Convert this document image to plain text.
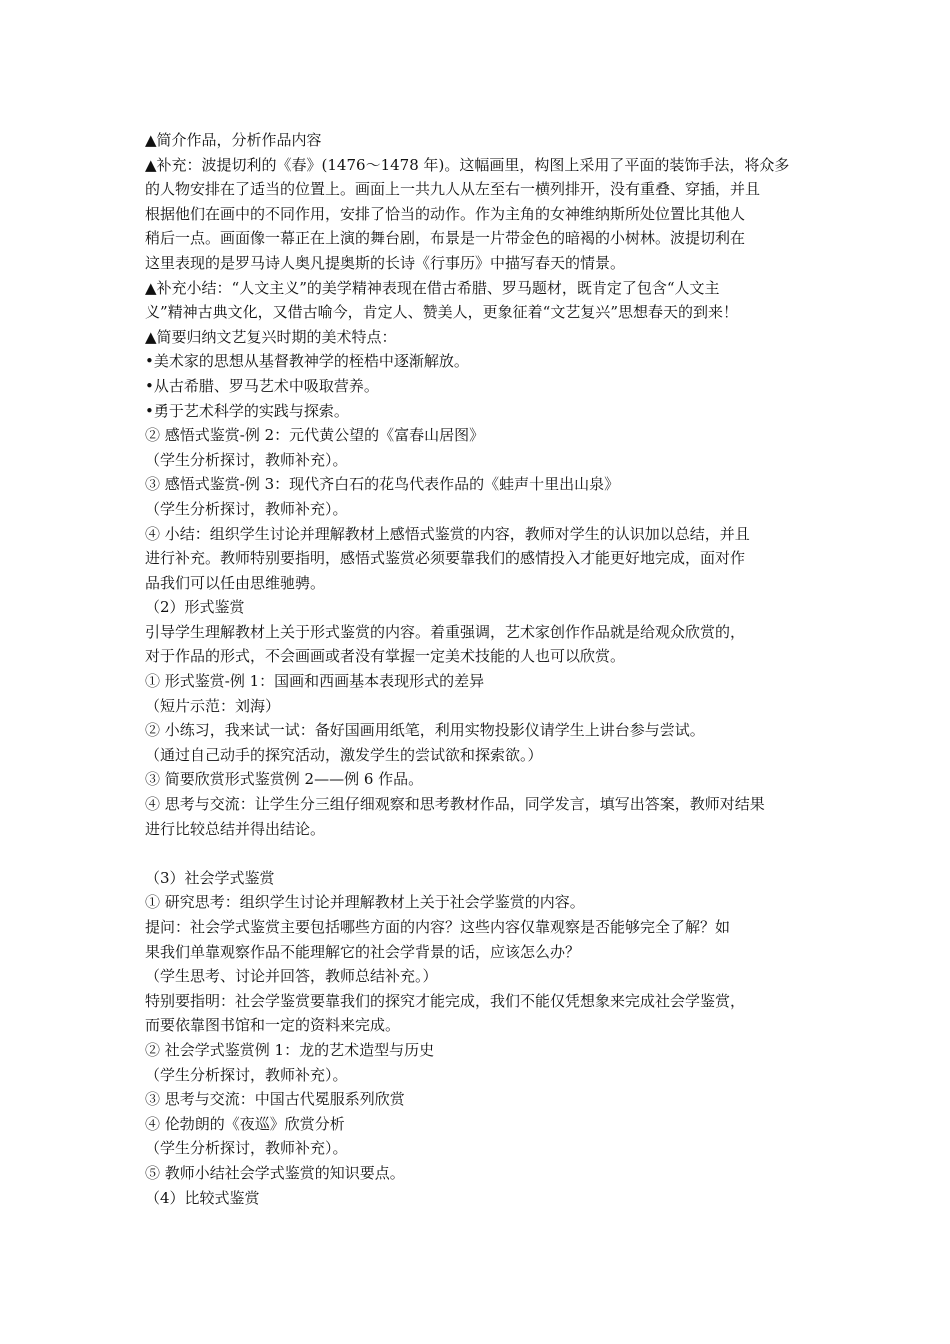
▲简介作品，分析作品内容
▲补充：波提切利的《春》(1476～1478 年)。这幅画里，构图上采用了平面的装饰手法，将众多
的人物安排在了适当的位置上。画面上一共九人从左至右一横列排开，没有重叠、穿插，并且
根据他们在画中的不同作用，安排了恰当的动作。作为主角的女神维纳斯所处位置比其他人
稍后一点。画面像一幕正在上演的舞台剧，布景是一片带金色的暗褐的小树林。波提切利在
这里表现的是罗马诗人奥凡提奥斯的长诗《行事历》中描写春天的情景。
▲补充小结：“人文主义”的美学精神表现在借古希腊、罗马题材，既肯定了包含“人文主
义”精神古典文化，又借古喻今，肯定人、赞美人，更象征着“文艺复兴”思想春天的到来！
▲简要归纳文艺复兴时期的美术特点：
•美术家的思想从基督教神学的桎梏中逐渐解放。
•从古希腊、罗马艺术中吸取营养。
•勇于艺术科学的实践与探索。
② 感悟式鉴赏-例 2：元代黄公望的《富春山居图》
（学生分析探讨，教师补充）。
③ 感悟式鉴赏-例 3：现代齐白石的花鸟代表作品的《蛙声十里出山泉》
（学生分析探讨，教师补充）。
④ 小结：组织学生讨论并理解教材上感悟式鉴赏的内容，教师对学生的认识加以总结，并且
进行补充。教师特别要指明，感悟式鉴赏必须要靠我们的感情投入才能更好地完成，面对作
品我们可以任由思维驰骋。
（2）形式鉴赏
引导学生理解教材上关于形式鉴赏的内容。着重强调，艺术家创作作品就是给观众欣赏的，
对于作品的形式，不会画画或者没有掌握一定美术技能的人也可以欣赏。
① 形式鉴赏-例 1：国画和西画基本表现形式的差异
（短片示范：刘海）
② 小练习，我来试一试：备好国画用纸笔，利用实物投影仪请学生上讲台参与尝试。
（通过自己动手的探究活动，激发学生的尝试欲和探索欲。）
③ 简要欣赏形式鉴赏例 2——例 6 作品。
④ 思考与交流：让学生分三组仔细观察和思考教材作品，同学发言，填写出答案，教师对结果
进行比较总结并得出结论。
（3）社会学式鉴赏
① 研究思考：组织学生讨论并理解教材上关于社会学鉴赏的内容。
提问：社会学式鉴赏主要包括哪些方面的内容？这些内容仅靠观察是否能够完全了解？如
果我们单靠观察作品不能理解它的社会学背景的话，应该怎么办？
（学生思考、讨论并回答，教师总结补充。）
特别要指明：社会学鉴赏要靠我们的探究才能完成，我们不能仅凭想象来完成社会学鉴赏，
而要依靠图书馆和一定的资料来完成。
② 社会学式鉴赏例 1：龙的艺术造型与历史
（学生分析探讨，教师补充）。
③ 思考与交流：中国古代冕服系列欣赏
④ 伦勃朗的《夜巡》欣赏分析
（学生分析探讨，教师补充）。
⑤ 教师小结社会学式鉴赏的知识要点。
（4）比较式鉴赏
